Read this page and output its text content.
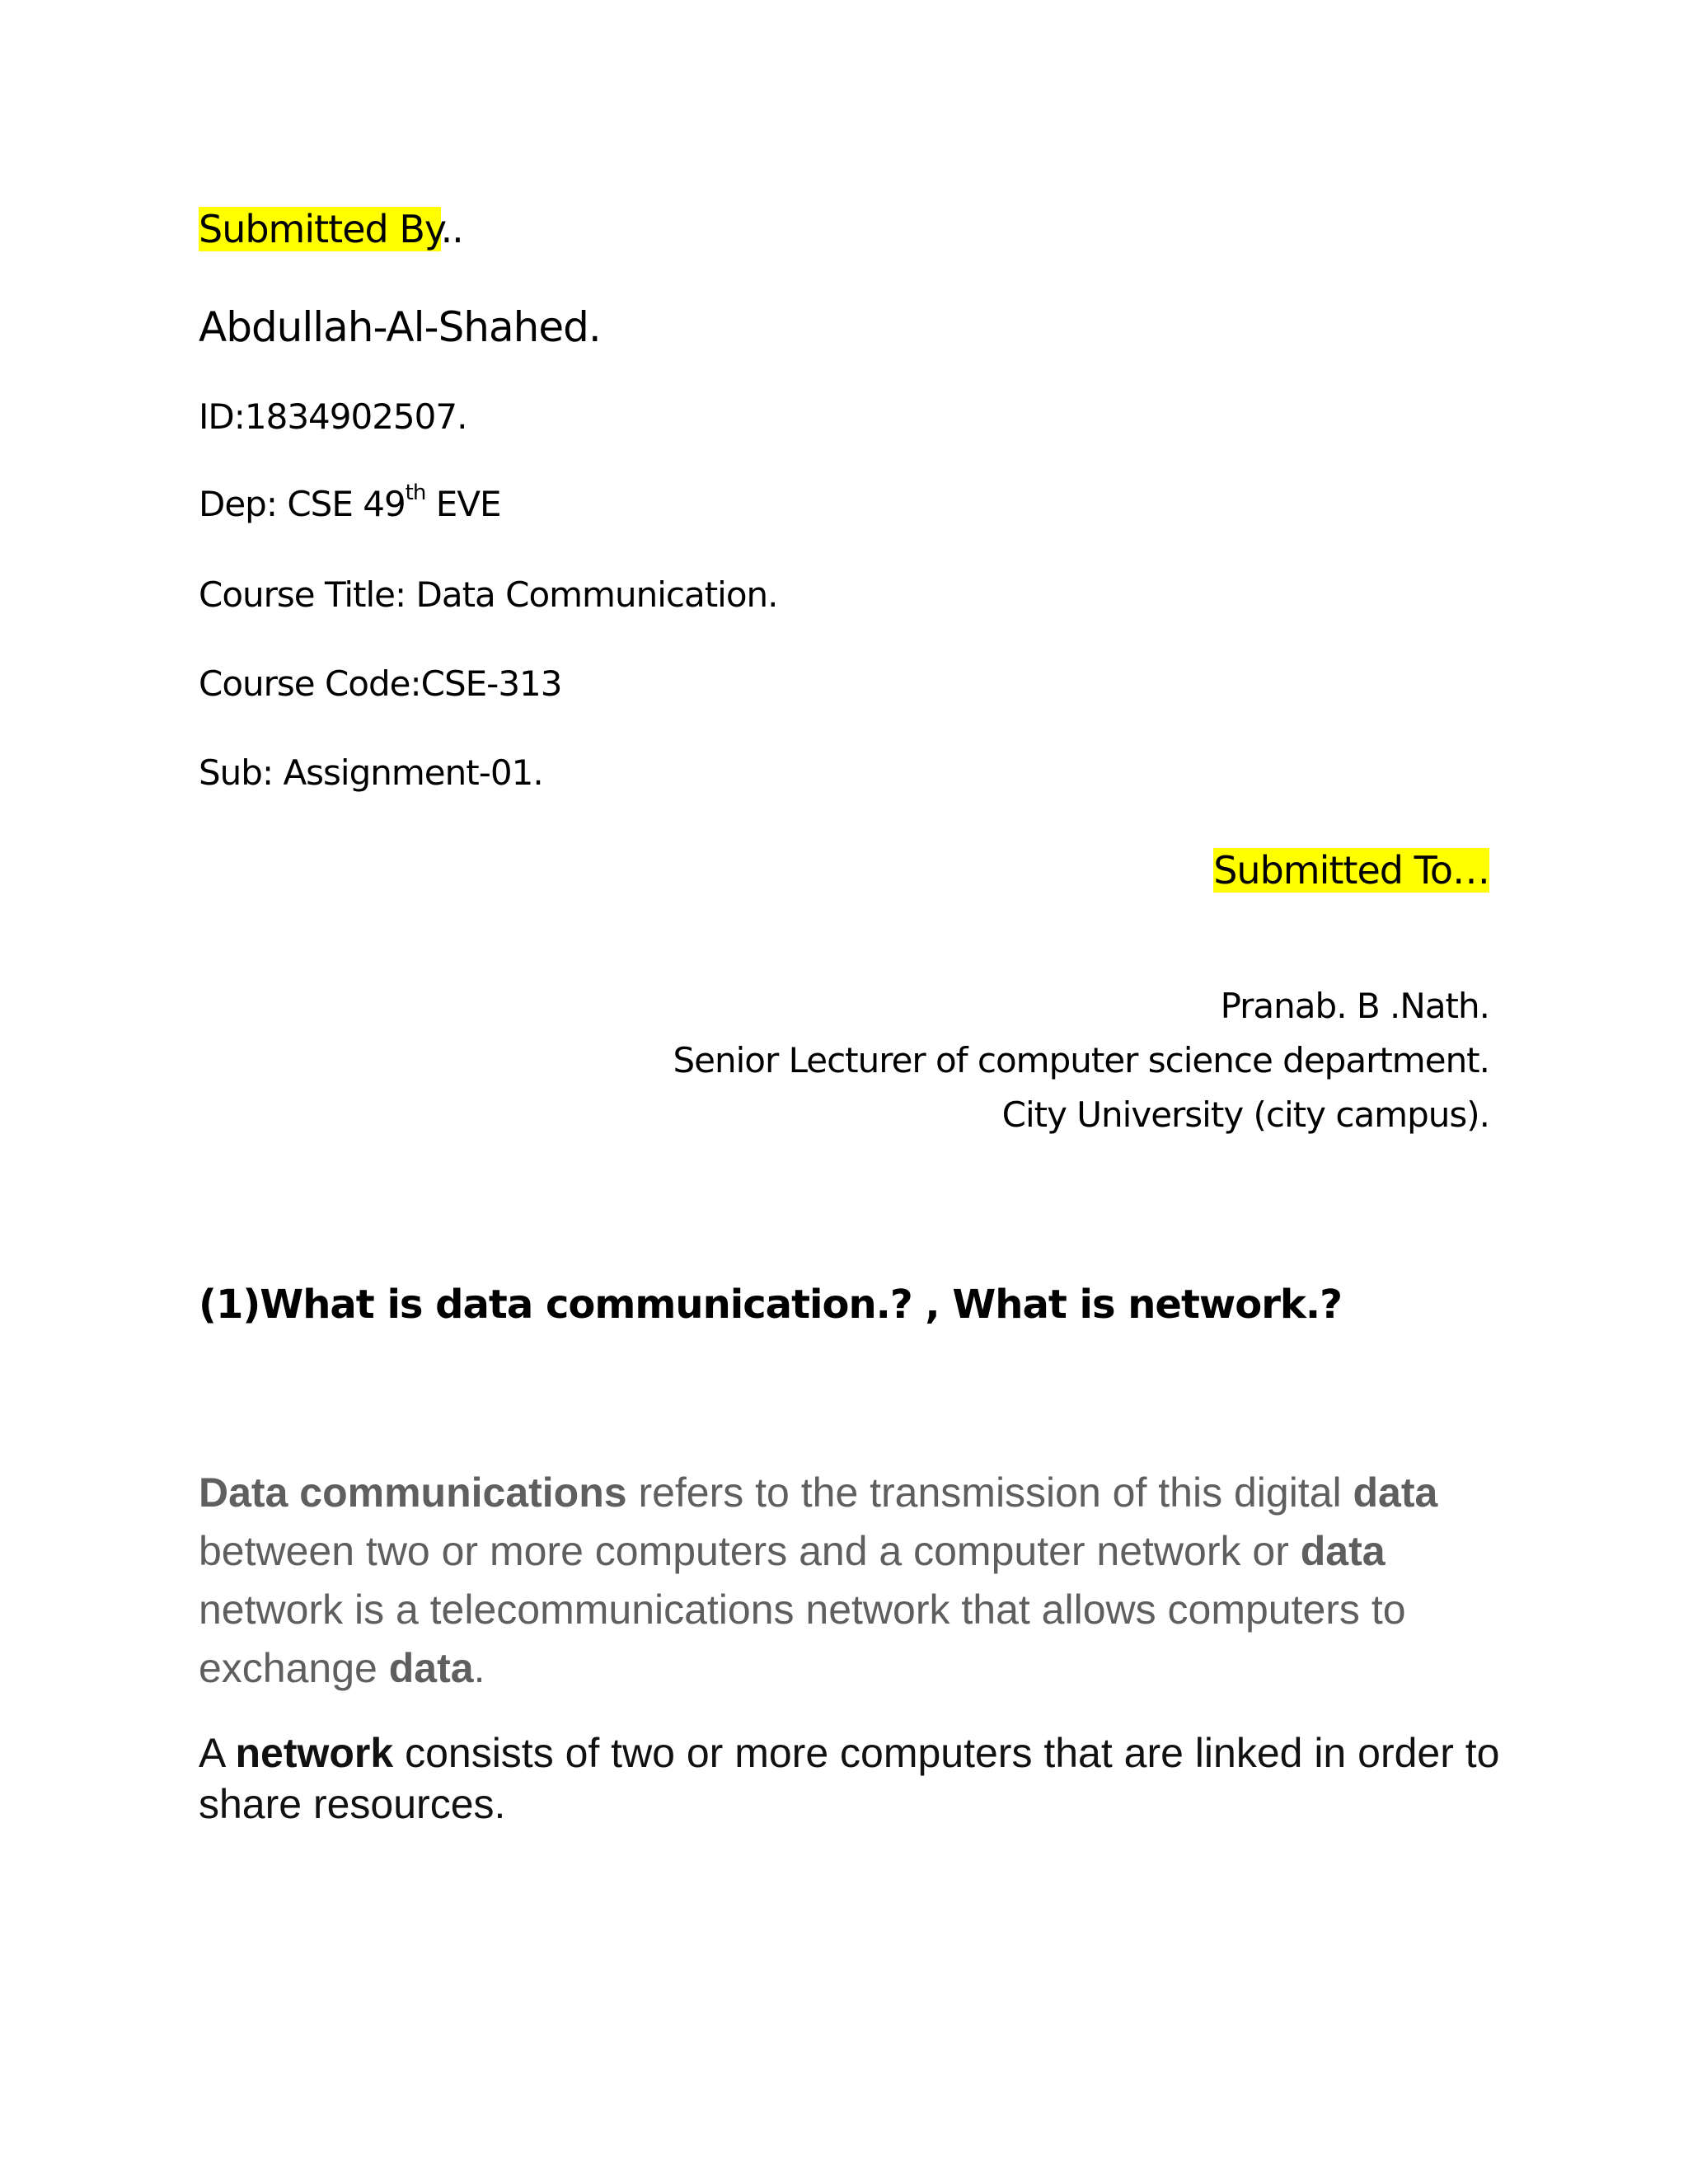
Submitted By..
Abdullah-Al-Shahed.
ID:1834902507.
Dep: CSE 49th EVE
Course Title: Data Communication.
Course Code:CSE-313
Sub: Assignment-01.
Submitted To…
Pranab. B .Nath.
Senior Lecturer of computer science department.
City University (city campus).
(1)What is data communication.? , What is network.?
Data communications refers to the transmission of this digital data between two or more computers and a computer network or data network is a telecommunications network that allows computers to exchange data.
A network consists of two or more computers that are linked in order to share resources.
